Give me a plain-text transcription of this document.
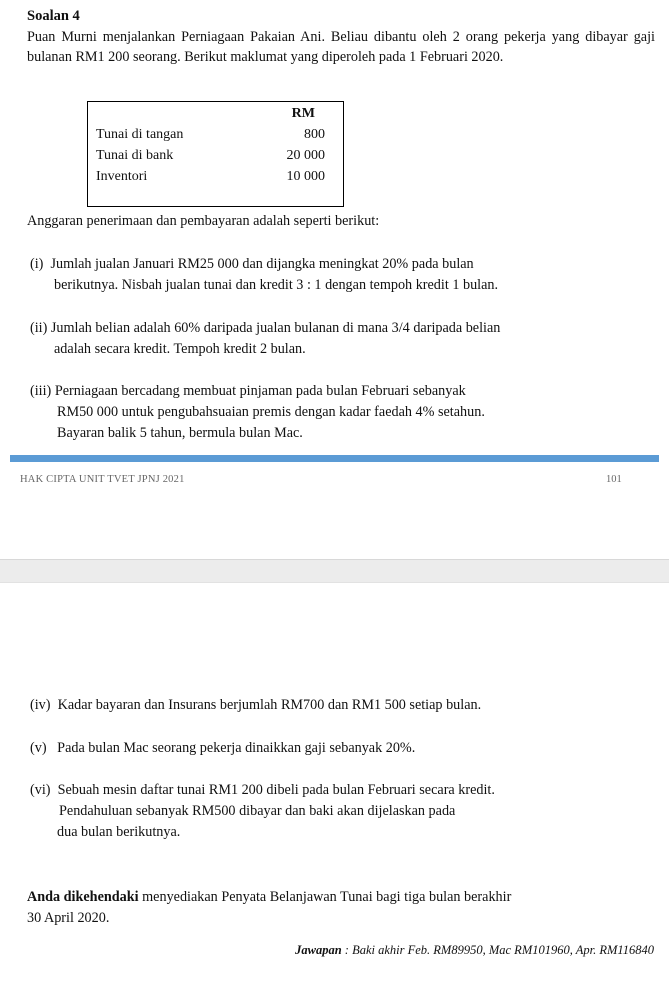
Soalan 4
Puan Murni menjalankan Perniagaan Pakaian Ani. Beliau dibantu oleh 2 orang pekerja yang dibayar gaji bulanan RM1 200 seorang. Berikut maklumat yang diperoleh pada 1 Februari 2020.
RM
Tunai di tangan	800
Tunai di bank	20 000
Inventori	10 000
Anggaran penerimaan dan pembayaran adalah seperti berikut:
(i)  Jumlah jualan Januari RM25 000 dan dijangka meningkat 20% pada bulan
berikutnya. Nisbah jualan tunai dan kredit 3 : 1 dengan tempoh kredit 1 bulan.
(ii) Jumlah belian adalah 60% daripada jualan bulanan di mana 3/4 daripada belian
adalah secara kredit. Tempoh kredit 2 bulan.
(iii) Perniagaan bercadang membuat pinjaman pada bulan Februari sebanyak
RM50 000 untuk pengubahsuaian premis dengan kadar faedah 4% setahun.
Bayaran balik 5 tahun, bermula bulan Mac.
HAK CIPTA UNIT TVET JPNJ 2021	101
(iv)  Kadar bayaran dan Insurans berjumlah RM700 dan RM1 500 setiap bulan.
(v)   Pada bulan Mac seorang pekerja dinaikkan gaji sebanyak 20%.
(vi)  Sebuah mesin daftar tunai RM1 200 dibeli pada bulan Februari secara kredit.
Pendahuluan sebanyak RM500 dibayar dan baki akan dijelaskan pada
dua bulan berikutnya.
Anda dikehendaki menyediakan Penyata Belanjawan Tunai bagi tiga bulan berakhir
30 April 2020.
Jawapan : Baki akhir Feb. RM89950, Mac RM101960, Apr. RM116840
